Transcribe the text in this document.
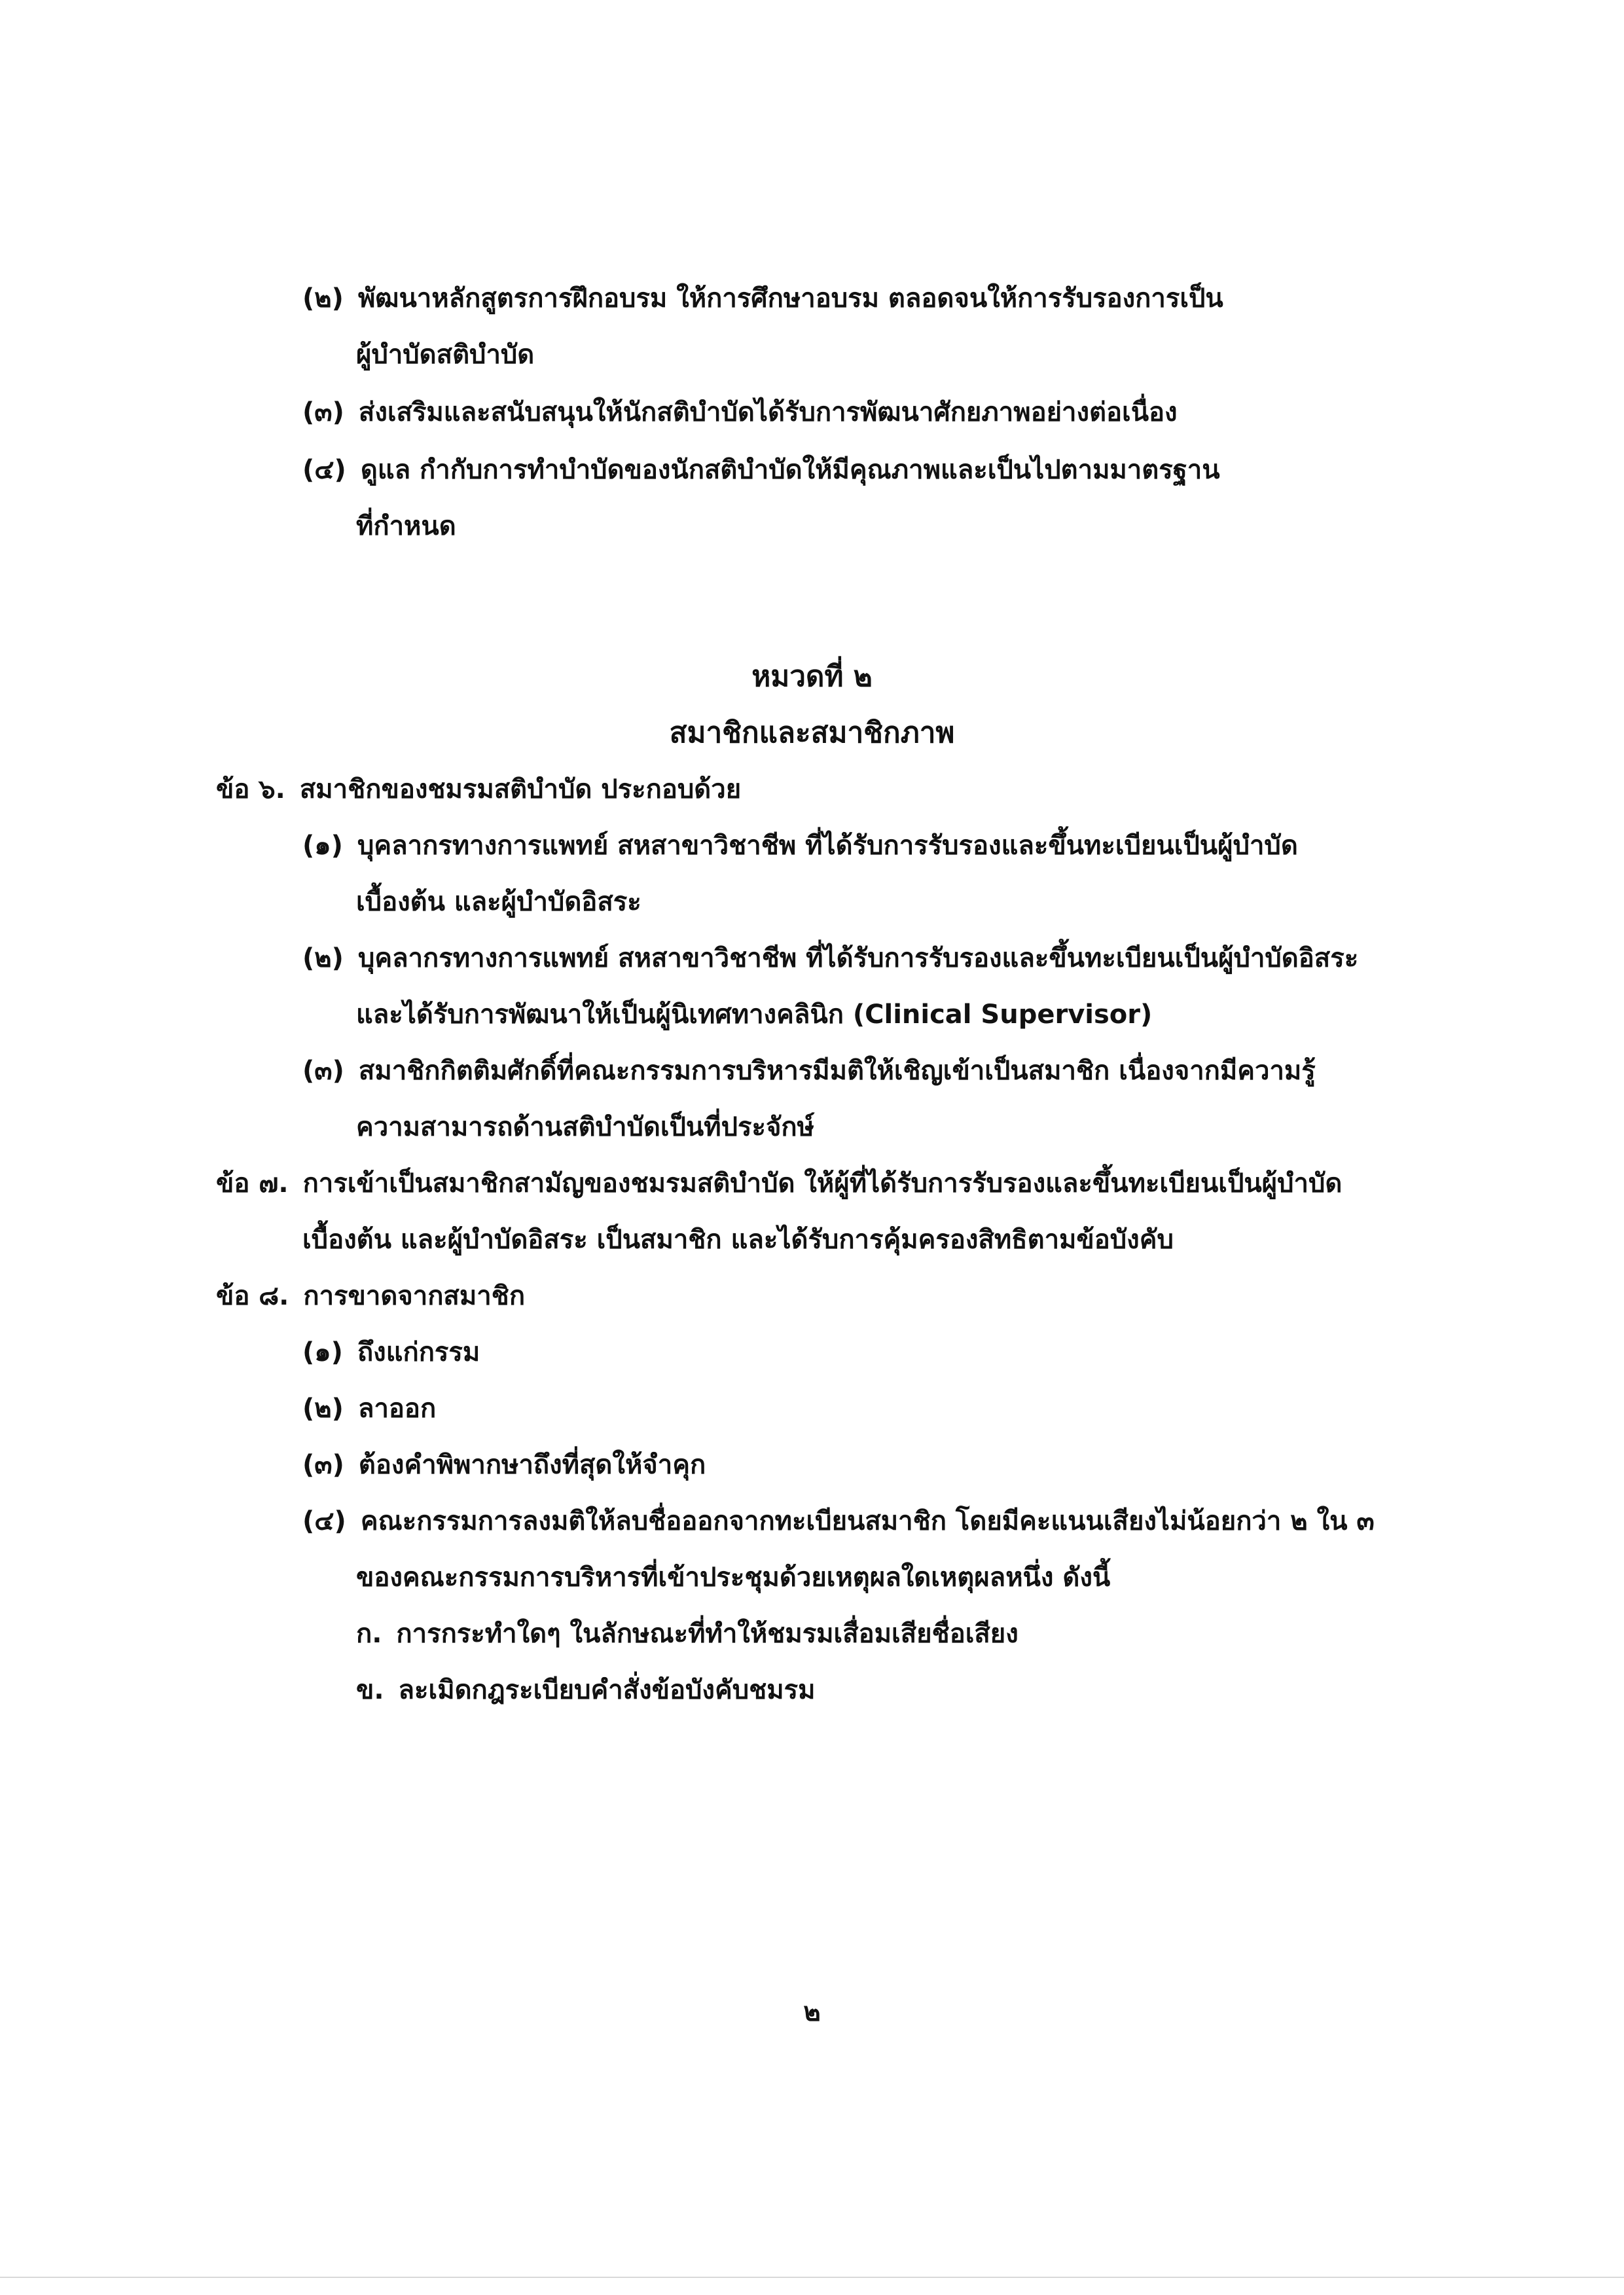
(๒) พัฒนาหลักสูตรการฝึกอบรม ให้การศึกษาอบรม ตลอดจนให้การรับรองการเป็น
ผู้บำบัดสติบำบัด
(๓) ส่งเสริมและสนับสนุนให้นักสติบำบัดได้รับการพัฒนาศักยภาพอย่างต่อเนื่อง
(๔) ดูแล กำกับการทำบำบัดของนักสติบำบัดให้มีคุณภาพและเป็นไปตามมาตรฐาน
ที่กำหนด
หมวดที่ ๒
สมาชิกและสมาชิกภาพ
ข้อ ๖. สมาชิกของชมรมสติบำบัด ประกอบด้วย
(๑) บุคลากรทางการแพทย์ สหสาขาวิชาชีพ ที่ได้รับการรับรองและขึ้นทะเบียนเป็นผู้บำบัด
เบื้องต้น และผู้บำบัดอิสระ
(๒) บุคลากรทางการแพทย์ สหสาขาวิชาชีพ ที่ได้รับการรับรองและขึ้นทะเบียนเป็นผู้บำบัดอิสระ
และได้รับการพัฒนาให้เป็นผู้นิเทศทางคลินิก (Clinical Supervisor)
(๓) สมาชิกกิตติมศักดิ์ที่คณะกรรมการบริหารมีมติให้เชิญเข้าเป็นสมาชิก เนื่องจากมีความรู้
ความสามารถด้านสติบำบัดเป็นที่ประจักษ์
ข้อ ๗. การเข้าเป็นสมาชิกสามัญของชมรมสติบำบัด ให้ผู้ที่ได้รับการรับรองและขึ้นทะเบียนเป็นผู้บำบัด
เบื้องต้น และผู้บำบัดอิสระ เป็นสมาชิก และได้รับการคุ้มครองสิทธิตามข้อบังคับ
ข้อ ๘. การขาดจากสมาชิก
(๑) ถึงแก่กรรม
(๒) ลาออก
(๓) ต้องคำพิพากษาถึงที่สุดให้จำคุก
(๔) คณะกรรมการลงมติให้ลบชื่อออกจากทะเบียนสมาชิก โดยมีคะแนนเสียงไม่น้อยกว่า ๒ ใน ๓
ของคณะกรรมการบริหารที่เข้าประชุมด้วยเหตุผลใดเหตุผลหนึ่ง ดังนี้
ก. การกระทำใดๆ ในลักษณะที่ทำให้ชมรมเสื่อมเสียชื่อเสียง
ข. ละเมิดกฎระเบียบคำสั่งข้อบังคับชมรม
๒
